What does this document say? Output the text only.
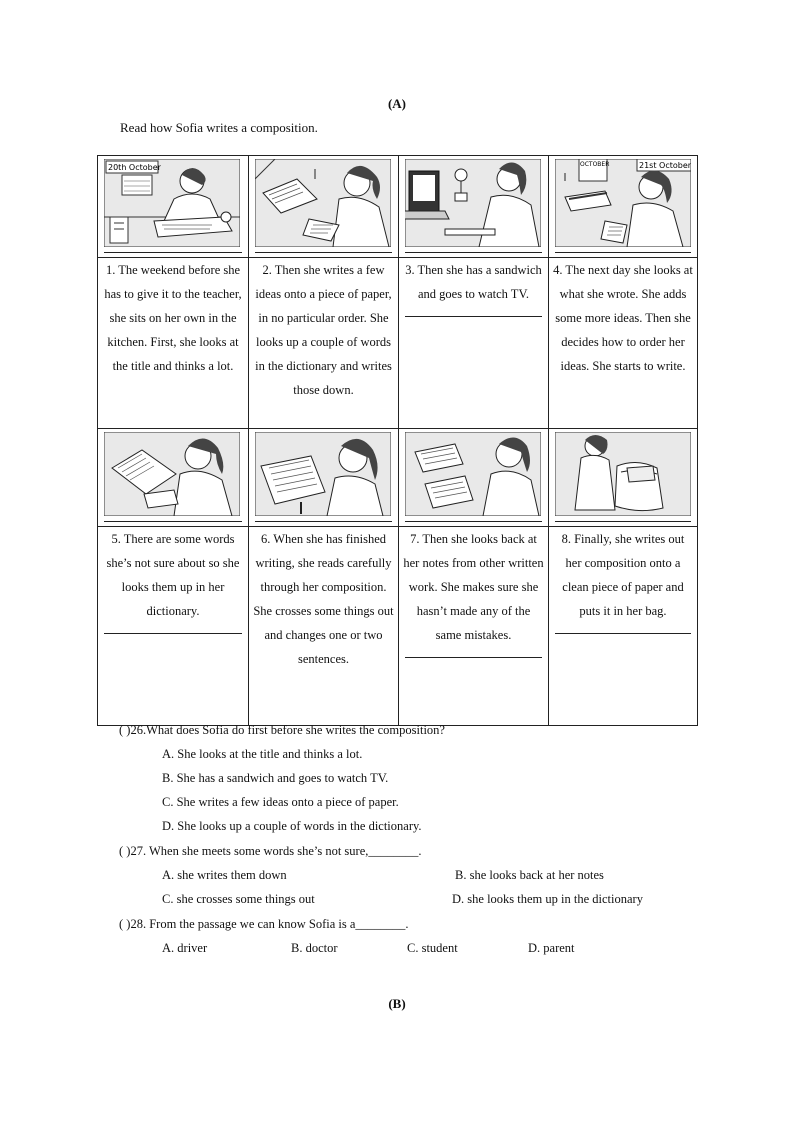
(A)
Read how Sofia writes a composition.
20th October			OCTOBER 21st October

1. The weekend before she has to give it to the teacher, she sits on her own in the kitchen. First, she looks at the title and thinks a lot.	2. Then she writes a few ideas onto a piece of paper, in no particular order. She looks up a couple of words in the dictionary and writes those down.	3. Then she has a sandwich and goes to watch TV.	4. The next day she looks at what she wrote. She adds some more ideas. Then she decides how to order her ideas. She starts to write.

5. There are some words she’s not sure about so she looks them up in her dictionary.	6. When she has finished writing, she reads carefully through her composition. She crosses some things out and changes one or two sentences.	7. Then she looks back at her notes from other written work. She makes sure she hasn’t made any of the same mistakes.	8. Finally, she writes out her composition onto a clean piece of paper and puts it in her bag.
( )26.What does Sofia do first before she writes the composition?
A. She looks at the title and thinks a lot.
B. She has a sandwich and goes to watch TV.
C. She writes a few ideas onto a piece of paper.
D. She looks up a couple of words in the dictionary.
( )27. When she meets some words she’s not sure,________.
A. she writes them down	B. she looks back at her notes
C. she crosses some things out	D. she looks them up in the dictionary
( )28. From the passage we can know Sofia is a________.
A. driver	B. doctor	C. student	D. parent
(B)
